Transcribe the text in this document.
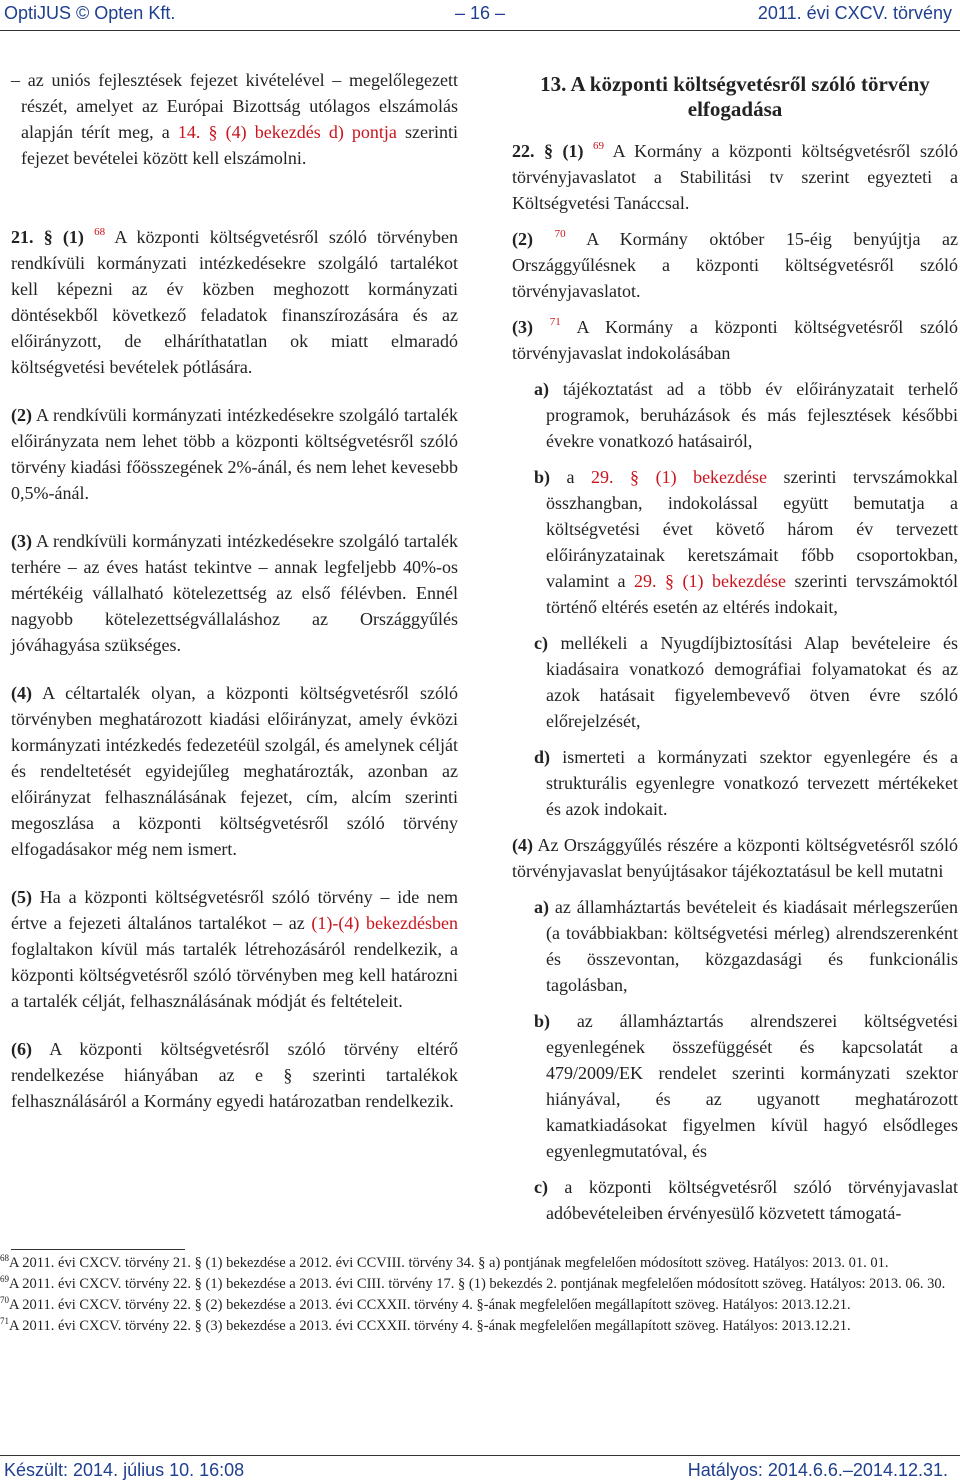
OptiJUS © Opten Kft.	– 16 –	2011. évi CXCV. törvény

– az uniós fejlesztések fejezet kivételével – megelőlegezett részét, amelyet az Európai Bizottság utólagos elszámolás alapján térít meg, a 14. § (4) bekezdés d) pontja szerinti fejezet bevételei között kell elszámolni.

21. § (1) $^{68}$ A központi költségvetésről szóló törvényben rendkívüli kormányzati intézkedésekre szolgáló tartalékot kell képezni az év közben meghozott kormányzati döntésekből következő feladatok finanszírozására és az előirányzott, de elháríthatatlan ok miatt elmaradó költségvetési bevételek pótlására.

(2) A rendkívüli kormányzati intézkedésekre szolgáló tartalék előirányzata nem lehet több a központi költségvetésről szóló törvény kiadási főösszegének 2%-ánál, és nem lehet kevesebb 0,5%-ánál.

(3) A rendkívüli kormányzati intézkedésekre szolgáló tartalék terhére – az éves hatást tekintve – annak legfeljebb 40%-os mértékéig vállalható kötelezettség az első félévben. Ennél nagyobb kötelezettségvállaláshoz az Országgyűlés jóváhagyása szükséges.

(4) A céltartalék olyan, a központi költségvetésről szóló törvényben meghatározott kiadási előirányzat, amely évközi kormányzati intézkedés fedezetéül szolgál, és amelynek célját és rendeltetését egyidejűleg meghatározták, azonban az előirányzat felhasználásának fejezet, cím, alcím szerinti megoszlása a központi költségvetésről szóló törvény elfogadásakor még nem ismert.

(5) Ha a központi költségvetésről szóló törvény – ide nem értve a fejezeti általános tartalékot – az (1)-(4) bekezdésben foglaltakon kívül más tartalék létrehozásáról rendelkezik, a központi költségvetésről szóló törvényben meg kell határozni a tartalék célját, felhasználásának módját és feltételeit.

(6) A központi költségvetésről szóló törvény eltérő rendelkezése hiányában az e § szerinti tartalékok felhasználásáról a Kormány egyedi határozatban rendelkezik.

13. A központi költségvetésről szóló törvény elfogadása

22. § (1) $^{69}$ A Kormány a központi költségvetésről szóló törvényjavaslatot a Stabilitási tv szerint egyezteti a Költségvetési Tanáccsal.

(2) $^{70}$ A Kormány október 15-éig benyújtja az Országgyűlésnek a központi költségvetésről szóló törvényjavaslatot.

(3) $^{71}$ A Kormány a központi költségvetésről szóló törvényjavaslat indokolásában

a) tájékoztatást ad a több év előirányzatait terhelő programok, beruházások és más fejlesztések későbbi évekre vonatkozó hatásairól,

b) a 29. § (1) bekezdése szerinti tervszámokkal összhangban, indokolással együtt bemutatja a költségvetési évet követő három év tervezett előirányzatainak keretszámait főbb csoportokban, valamint a 29. § (1) bekezdése szerinti tervszámoktól történő eltérés esetén az eltérés indokait,

c) mellékeli a Nyugdíjbiztosítási Alap bevételeire és kiadásaira vonatkozó demográfiai folyamatokat és az azok hatásait figyelembevevő ötven évre szóló előrejelzését,

d) ismerteti a kormányzati szektor egyenlegére és a strukturális egyenlegre vonatkozó tervezett mértékeket és azok indokait.

(4) Az Országgyűlés részére a központi költségvetésről szóló törvényjavaslat benyújtásakor tájékoztatásul be kell mutatni

a) az államháztartás bevételeit és kiadásait mérlegszerűen (a továbbiakban: költségvetési mérleg) alrendszerenként és összevontan, közgazdasági és funkcionális tagolásban,

b) az államháztartás alrendszerei költségvetési egyenlegének összefüggését és kapcsolatát a 479/2009/EK rendelet szerinti kormányzati szektor hiányával, és az ugyanott meghatározott kamatkiadásokat figyelmen kívül hagyó elsődleges egyenlegmutatóval, és

c) a központi költségvetésről szóló törvényjavaslat adóbevételeiben érvényesülő közvetett támogatá-

$^{68}$A 2011. évi CXCV. törvény 21. § (1) bekezdése a 2012. évi CCVIII. törvény 34. § a) pontjának megfelelően módosított szöveg. Hatályos: 2013. 01. 01.

$^{69}$A 2011. évi CXCV. törvény 22. § (1) bekezdése a 2013. évi CIII. törvény 17. § (1) bekezdés 2. pontjának megfelelően módosított szöveg. Hatályos: 2013. 06. 30.

$^{70}$A 2011. évi CXCV. törvény 22. § (2) bekezdése a 2013. évi CCXXII. törvény 4. §-ának megfelelően megállapított szöveg. Hatályos: 2013.12.21.

$^{71}$A 2011. évi CXCV. törvény 22. § (3) bekezdése a 2013. évi CCXXII. törvény 4. §-ának megfelelően megállapított szöveg. Hatályos: 2013.12.21.

Készült: 2014. július 10. 16:08	Hatályos: 2014.6.6.–2014.12.31.
